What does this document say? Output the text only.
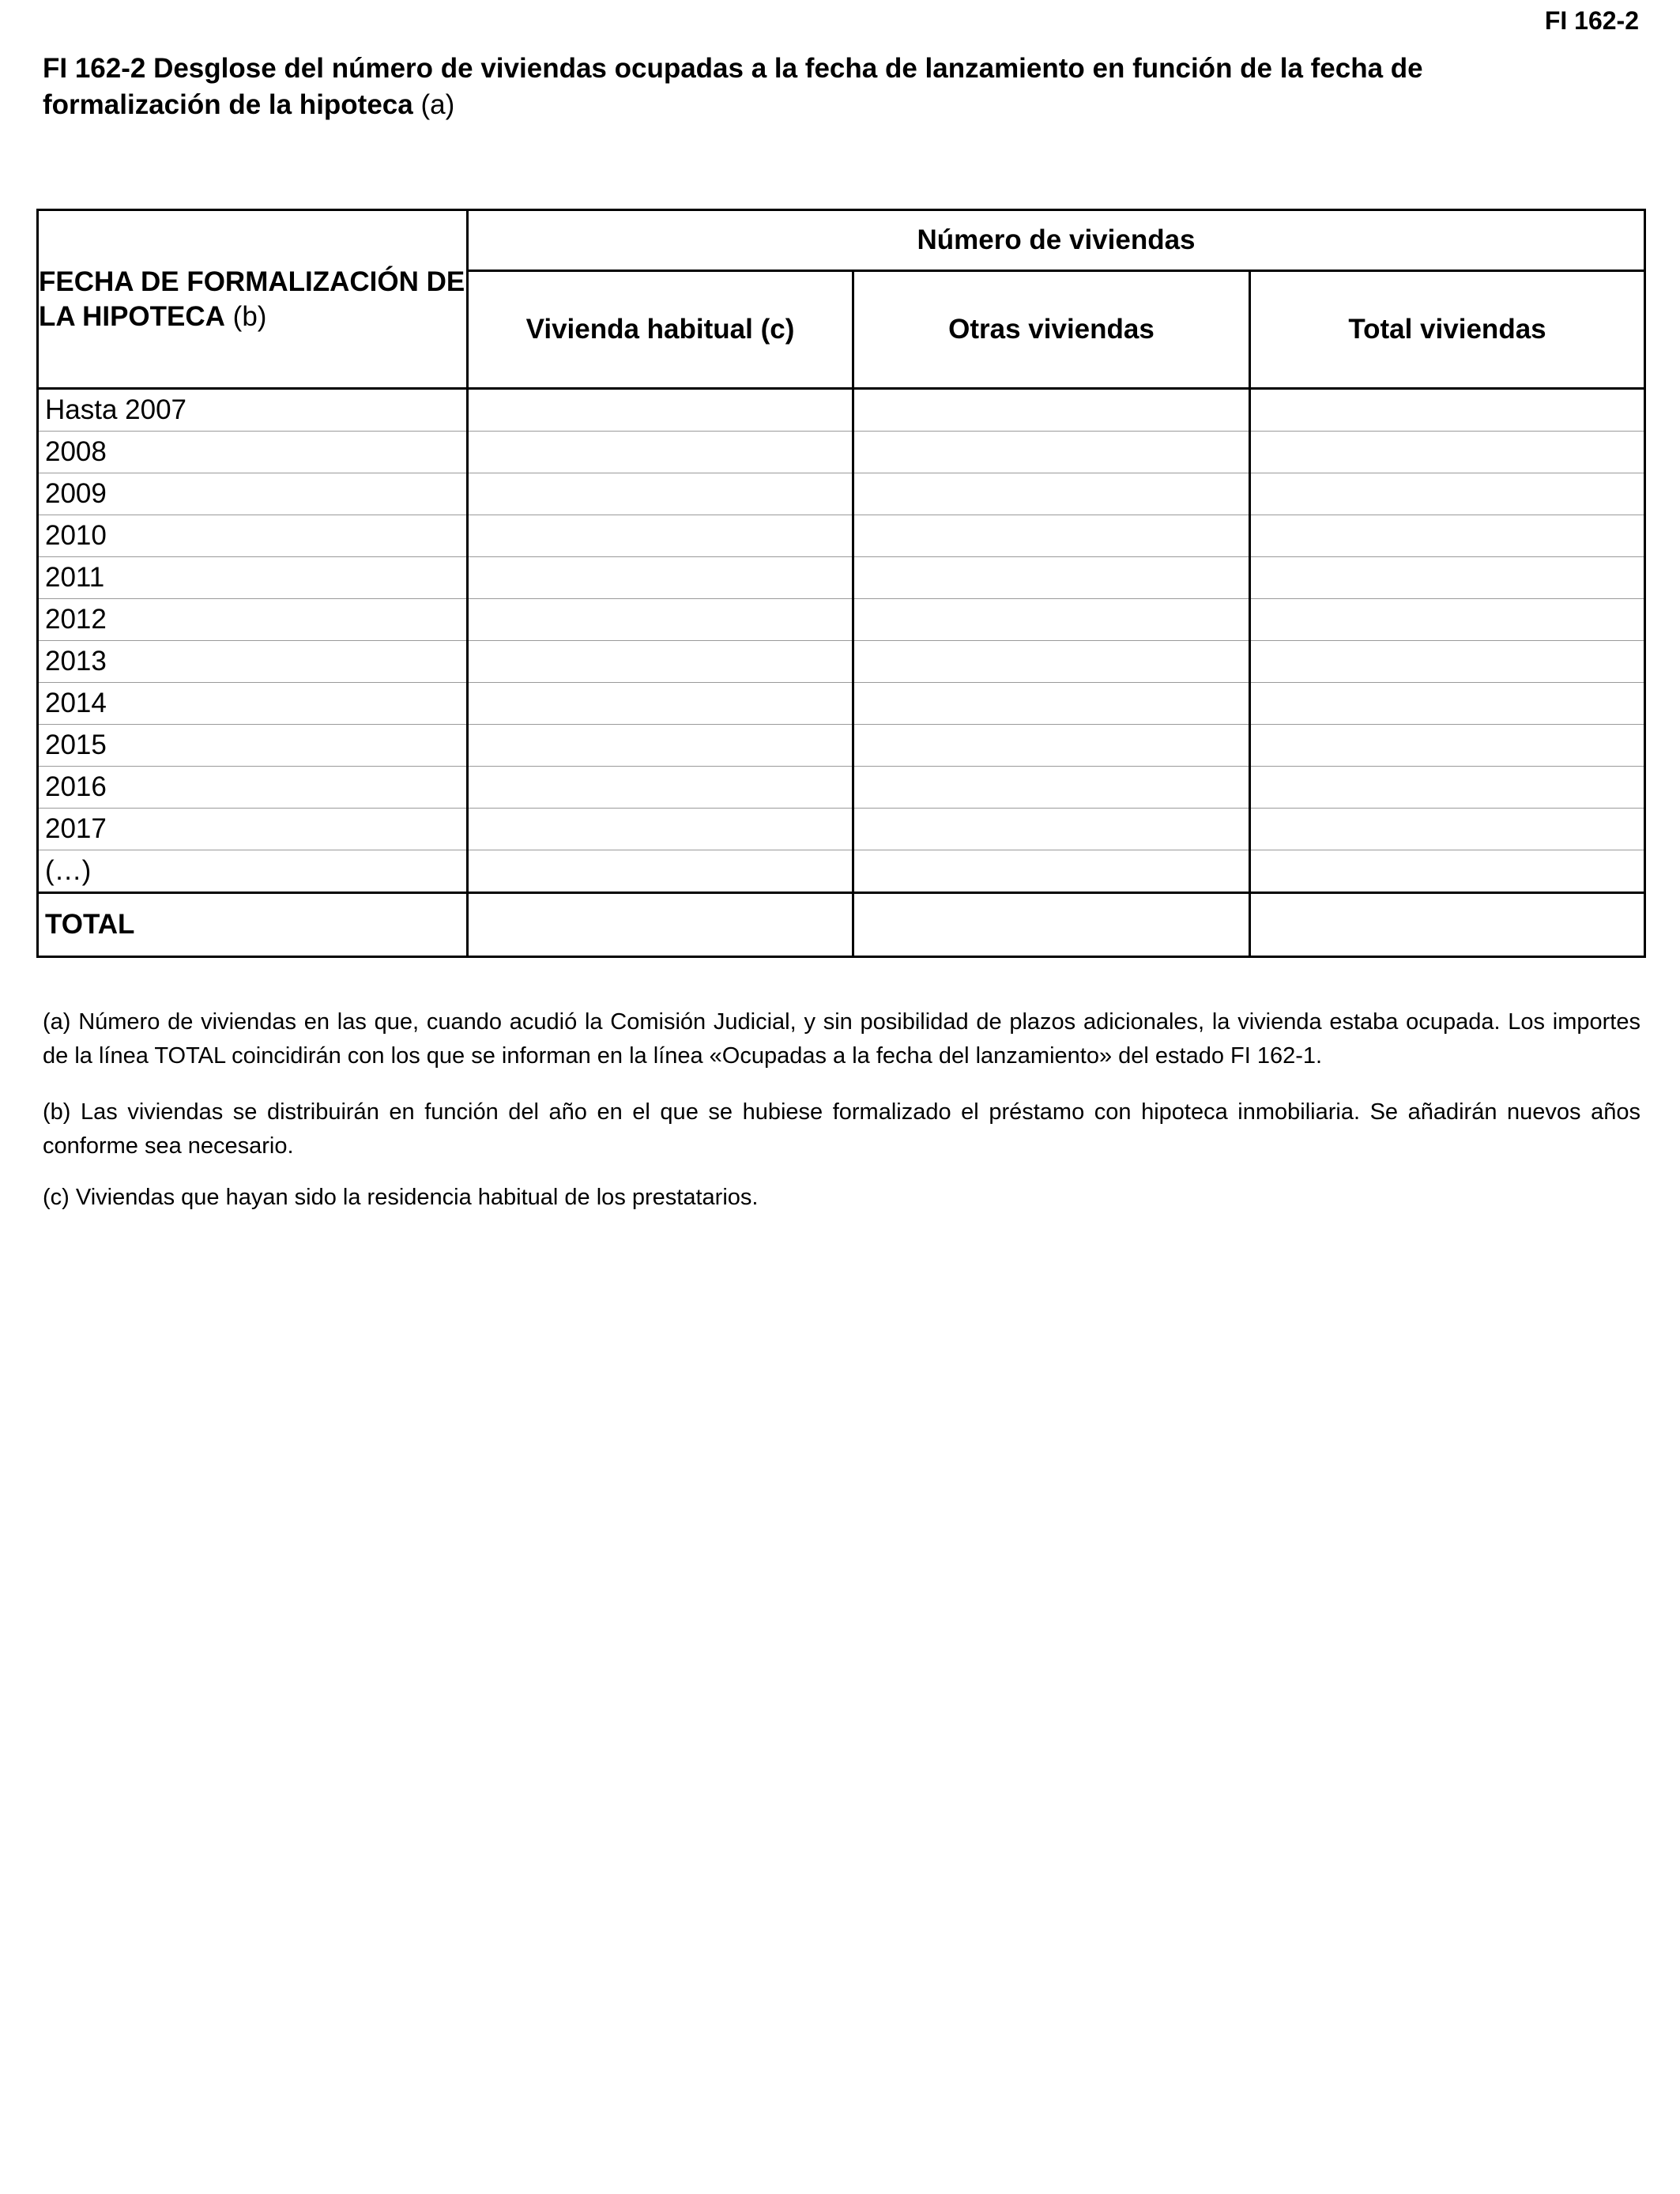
FI 162-2
FI 162-2 Desglose del número de viviendas ocupadas a la fecha de lanzamiento en función de la fecha de formalización de la hipoteca (a)
FECHA DE FORMALIZACIÓN DE LA HIPOTECA (b)	Número de viviendas		
	Vivienda habitual (c)	Otras viviendas	Total viviendas
Hasta 2007			
2008			
2009			
2010			
2011			
2012			
2013			
2014			
2015			
2016			
2017			
(…)			
TOTAL			

(a) Número de viviendas en las que, cuando acudió la Comisión Judicial, y sin posibilidad de plazos adicionales, la vivienda estaba ocupada. Los importes de la línea TOTAL coincidirán con los que se informan en la línea «Ocupadas a la fecha del lanzamiento» del estado FI 162-1.

(b) Las viviendas se distribuirán en función del año en el que se hubiese formalizado el préstamo con hipoteca inmobiliaria. Se añadirán nuevos años conforme sea necesario.

(c) Viviendas que hayan sido la residencia habitual de los prestatarios.
